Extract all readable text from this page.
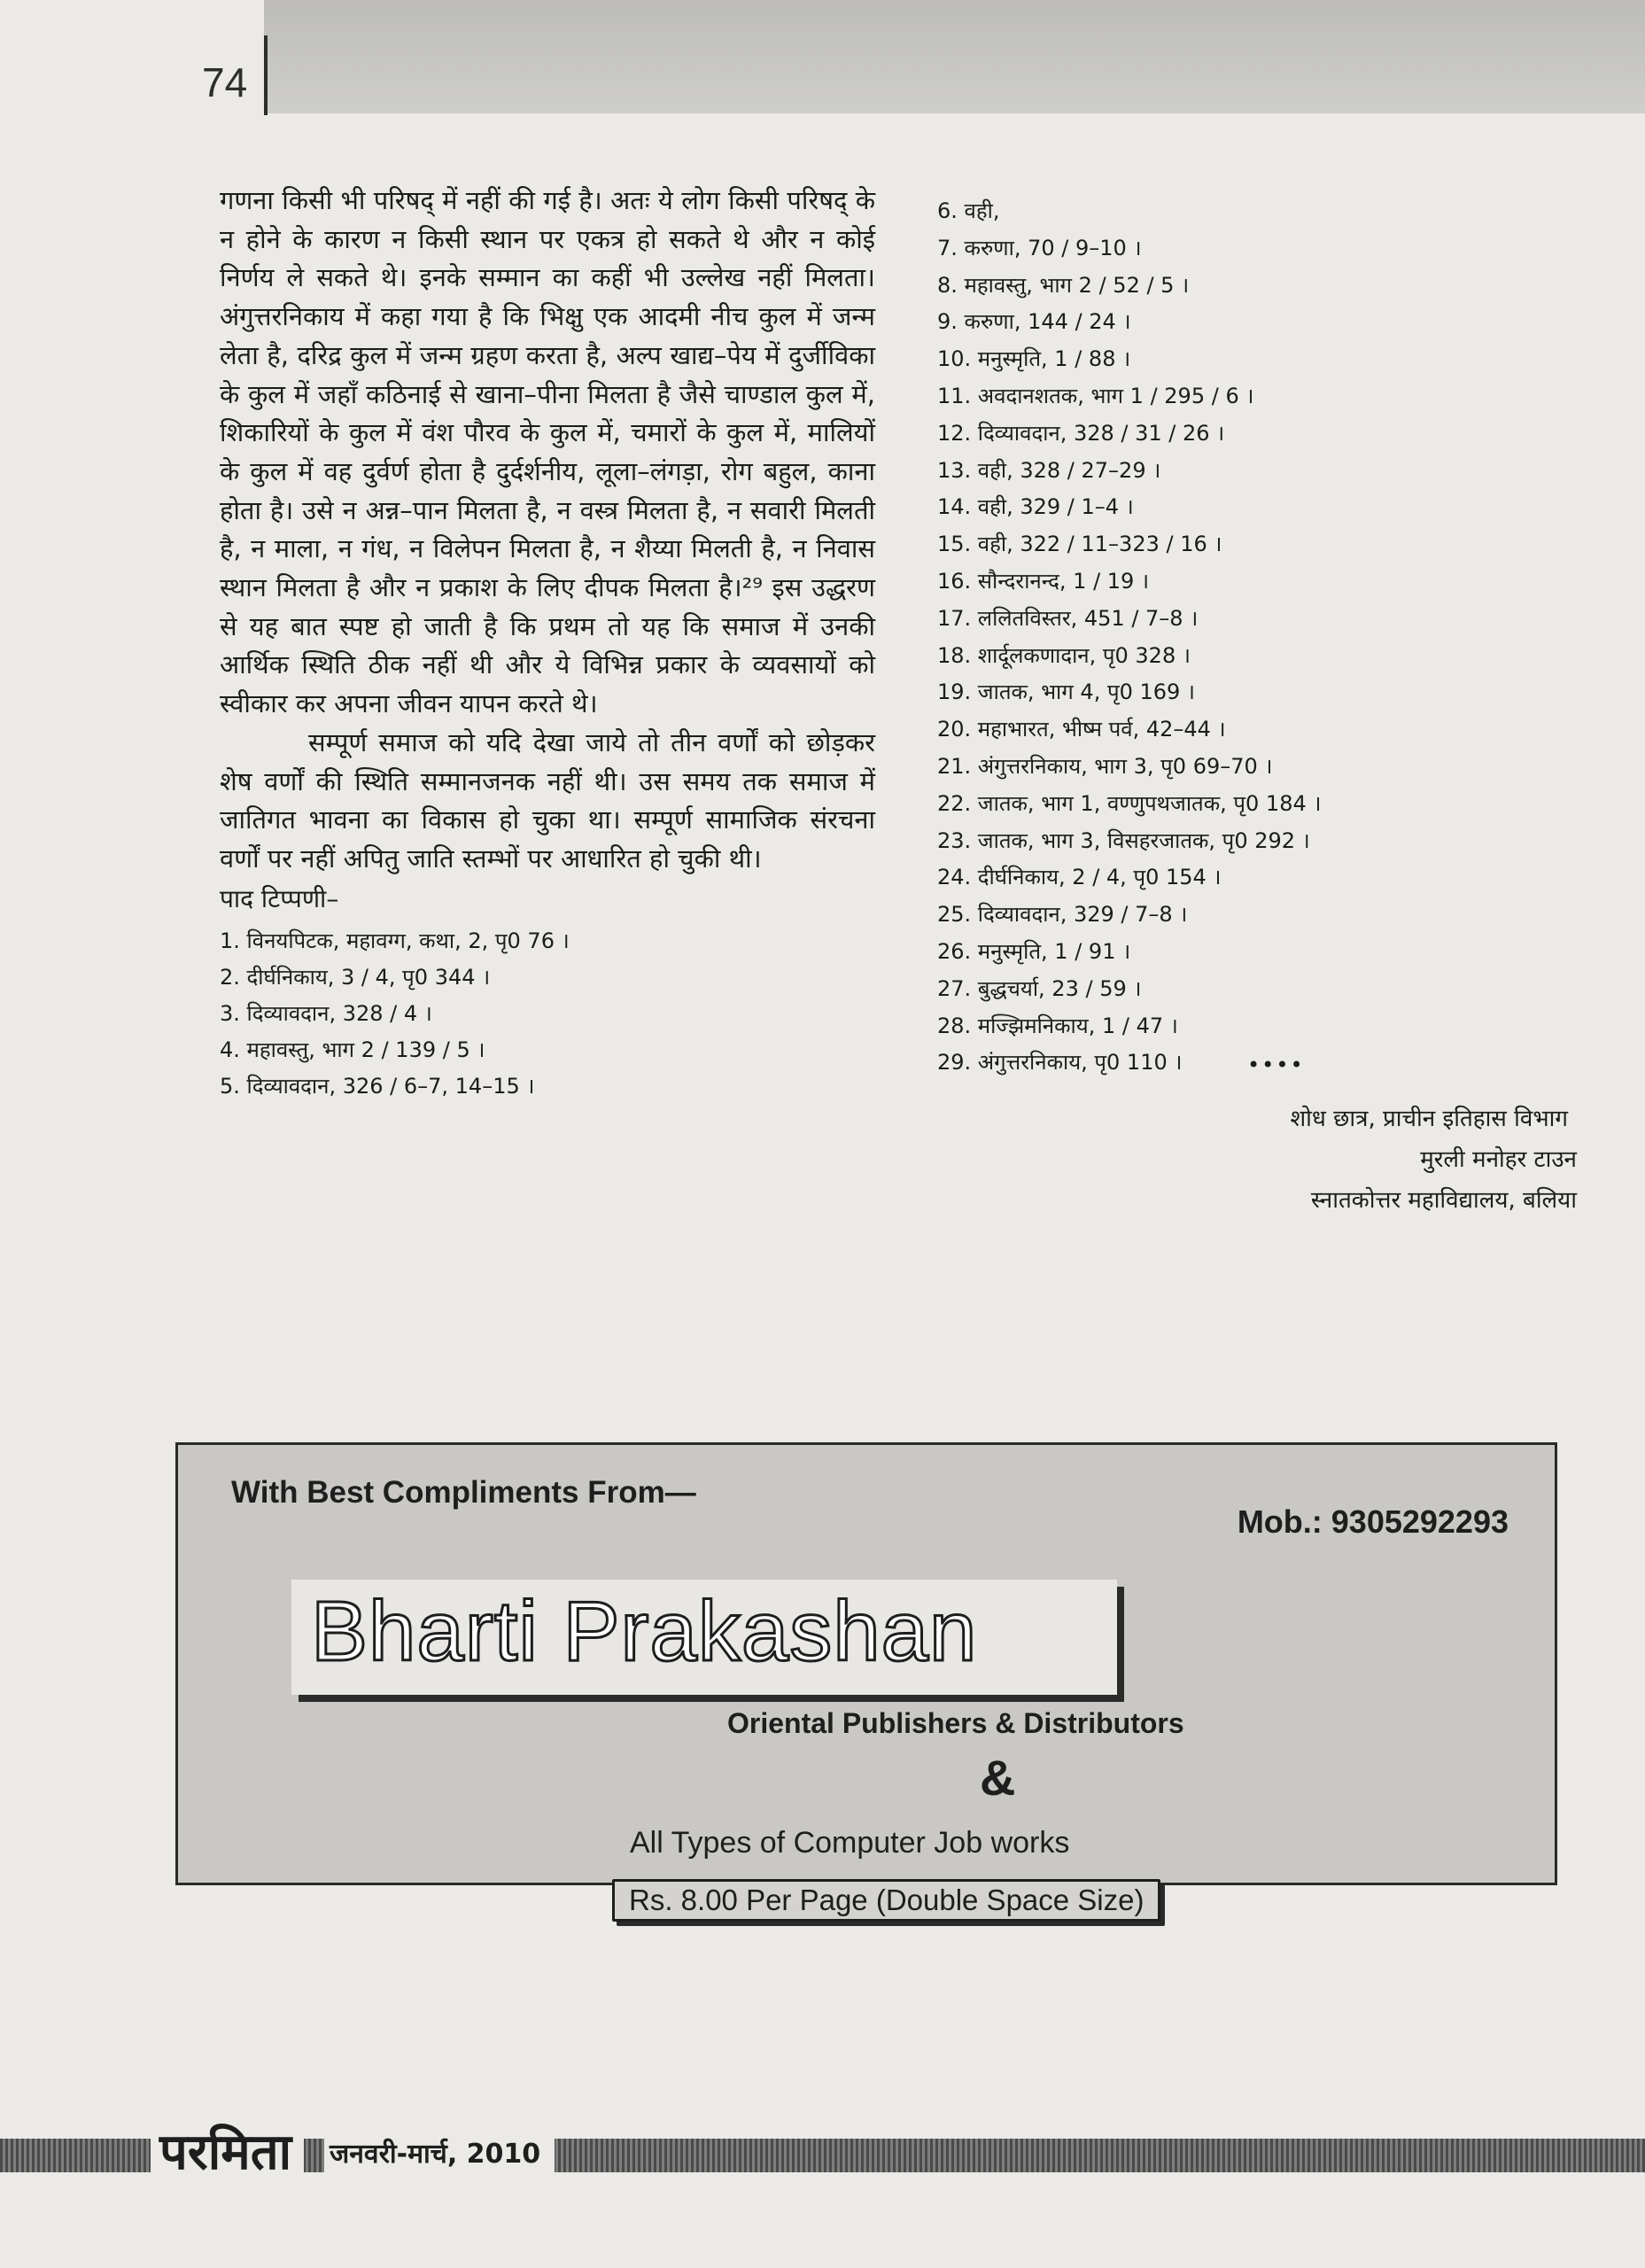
74

गणना किसी भी परिषद् में नहीं की गई है। अतः ये लोग किसी परिषद् के न होने के कारण न किसी स्थान पर एकत्र हो सकते थे और न कोई निर्णय ले सकते थे। इनके सम्मान का कहीं भी उल्लेख नहीं मिलता। अंगुत्तरनिकाय में कहा गया है कि भिक्षु एक आदमी नीच कुल में जन्म लेता है, दरिद्र कुल में जन्म ग्रहण करता है, अल्प खाद्य–पेय में दुर्जीविका के कुल में जहाँ कठिनाई से खाना–पीना मिलता है जैसे चाण्डाल कुल में, शिकारियों के कुल में वंश पौरव के कुल में, चमारों के कुल में, मालियों के कुल में वह दुर्वर्ण होता है दुर्दर्शनीय, लूला–लंगड़ा, रोग बहुल, काना होता है। उसे न अन्न–पान मिलता है, न वस्त्र मिलता है, न सवारी मिलती है, न माला, न गंध, न विलेपन मिलता है, न शैय्या मिलती है, न निवास स्थान मिलता है और न प्रकाश के लिए दीपक मिलता है।²⁹ इस उद्धरण से यह बात स्पष्ट हो जाती है कि प्रथम तो यह कि समाज में उनकी आर्थिक स्थिति ठीक नहीं थी और ये विभिन्न प्रकार के व्यवसायों को स्वीकार कर अपना जीवन यापन करते थे।

सम्पूर्ण समाज को यदि देखा जाये तो तीन वर्णों को छोड़कर शेष वर्णों की स्थिति सम्मानजनक नहीं थी। उस समय तक समाज में जातिगत भावना का विकास हो चुका था। सम्पूर्ण सामाजिक संरचना वर्णों पर नहीं अपितु जाति स्तम्भों पर आधारित हो चुकी थी।

पाद टिप्पणी–
1. विनयपिटक, महावग्ग, कथा, 2, पृ0 76 ।
2. दीर्घनिकाय, 3 / 4, पृ0 344 ।
3. दिव्यावदान, 328 / 4 ।
4. महावस्तु, भाग 2 / 139 / 5 ।
5. दिव्यावदान, 326 / 6–7, 14–15 ।
6. वही,
7. करुणा, 70 / 9–10 ।
8. महावस्तु, भाग 2 / 52 / 5 ।
9. करुणा, 144 / 24 ।
10. मनुस्मृति, 1 / 88 ।
11. अवदानशतक, भाग 1 / 295 / 6 ।
12. दिव्यावदान, 328 / 31 / 26 ।
13. वही, 328 / 27–29 ।
14. वही, 329 / 1–4 ।
15. वही, 322 / 11–323 / 16 ।
16. सौन्दरानन्द, 1 / 19 ।
17. ललितविस्तर, 451 / 7–8 ।
18. शार्दूलकणादान, पृ0 328 ।
19. जातक, भाग 4, पृ0 169 ।
20. महाभारत, भीष्म पर्व, 42–44 ।
21. अंगुत्तरनिकाय, भाग 3, पृ0 69–70 ।
22. जातक, भाग 1, वण्णुपथजातक, पृ0 184 ।
23. जातक, भाग 3, विसहरजातक, पृ0 292 ।
24. दीर्घनिकाय, 2 / 4, पृ0 154 ।
25. दिव्यावदान, 329 / 7–8 ।
26. मनुस्मृति, 1 / 91 ।
27. बुद्धचर्या, 23 / 59 ।
28. मज्झिमनिकाय, 1 / 47 ।
29. अंगुत्तरनिकाय, पृ0 110 ।	••••
शोध छात्र, प्राचीन इतिहास विभाग
मुरली मनोहर टाउन
स्नातकोत्तर महाविद्यालय, बलिया
With Best Compliments From—
Mob.: 9305292293
Bharti Prakashan
Oriental Publishers & Distributors
&
All Types of Computer Job works
Rs. 8.00 Per Page (Double Space Size)
परमिता	जनवरी-मार्च, 2010
